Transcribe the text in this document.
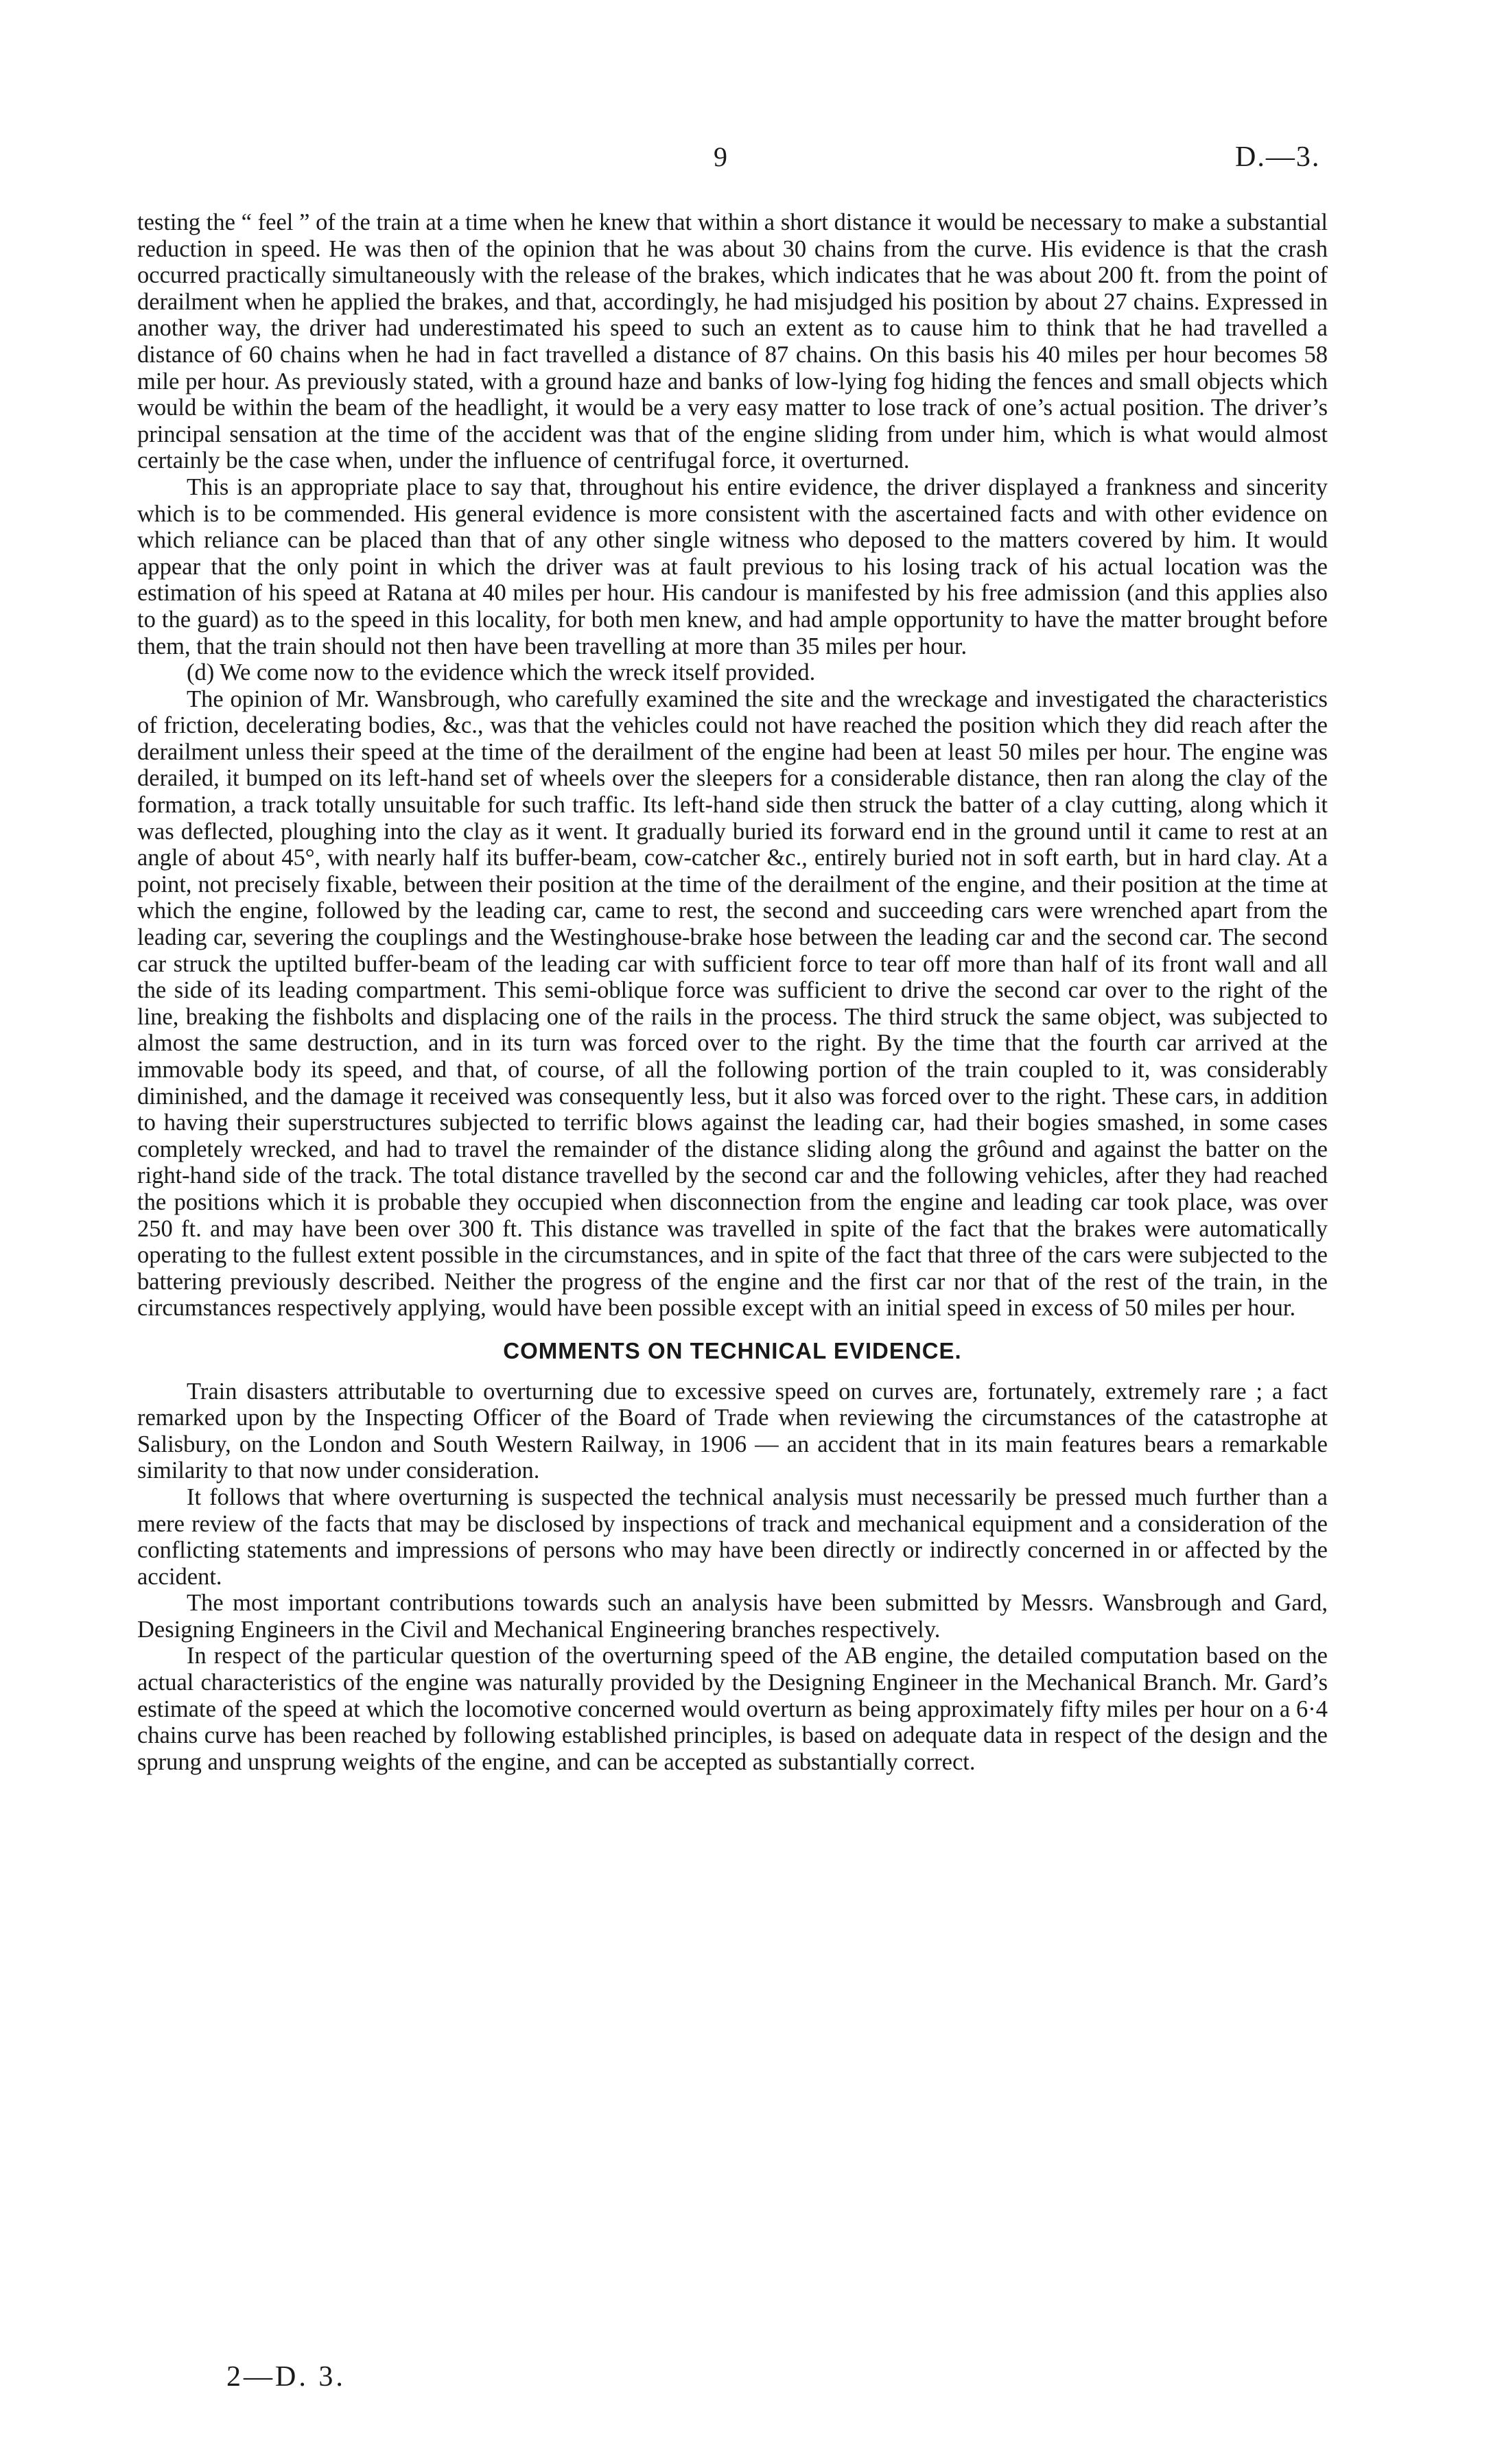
9	D.—3.

testing the “ feel ” of the train at a time when he knew that within a short distance it would be necessary to make a substantial reduction in speed. He was then of the opinion that he was about 30 chains from the curve. His evidence is that the crash occurred practically simultaneously with the release of the brakes, which indicates that he was about 200 ft. from the point of derailment when he applied the brakes, and that, accordingly, he had misjudged his position by about 27 chains. Expressed in another way, the driver had underestimated his speed to such an extent as to cause him to think that he had travelled a distance of 60 chains when he had in fact travelled a distance of 87 chains. On this basis his 40 miles per hour becomes 58 mile per hour. As previously stated, with a ground haze and banks of low-lying fog hiding the fences and small objects which would be within the beam of the headlight, it would be a very easy matter to lose track of one’s actual position. The driver’s principal sensation at the time of the accident was that of the engine sliding from under him, which is what would almost certainly be the case when, under the influence of centrifugal force, it overturned.

This is an appropriate place to say that, throughout his entire evidence, the driver displayed a frankness and sincerity which is to be commended. His general evidence is more consistent with the ascertained facts and with other evidence on which reliance can be placed than that of any other single witness who deposed to the matters covered by him. It would appear that the only point in which the driver was at fault previous to his losing track of his actual location was the estimation of his speed at Ratana at 40 miles per hour. His candour is manifested by his free admission (and this applies also to the guard) as to the speed in this locality, for both men knew, and had ample opportunity to have the matter brought before them, that the train should not then have been travelling at more than 35 miles per hour.

(d) We come now to the evidence which the wreck itself provided.

The opinion of Mr. Wansbrough, who carefully examined the site and the wreckage and investigated the characteristics of friction, decelerating bodies, &c., was that the vehicles could not have reached the position which they did reach after the derailment unless their speed at the time of the derailment of the engine had been at least 50 miles per hour. The engine was derailed, it bumped on its left-hand set of wheels over the sleepers for a considerable distance, then ran along the clay of the formation, a track totally unsuitable for such traffic. Its left-hand side then struck the batter of a clay cutting, along which it was deflected, ploughing into the clay as it went. It gradually buried its forward end in the ground until it came to rest at an angle of about 45°, with nearly half its buffer-beam, cow-catcher &c., entirely buried not in soft earth, but in hard clay. At a point, not precisely fixable, between their position at the time of the derailment of the engine, and their position at the time at which the engine, followed by the leading car, came to rest, the second and succeeding cars were wrenched apart from the leading car, severing the couplings and the Westinghouse-brake hose between the leading car and the second car. The second car struck the uptilted buffer-beam of the leading car with sufficient force to tear off more than half of its front wall and all the side of its leading compartment. This semi-oblique force was sufficient to drive the second car over to the right of the line, breaking the fishbolts and displacing one of the rails in the process. The third struck the same object, was subjected to almost the same destruction, and in its turn was forced over to the right. By the time that the fourth car arrived at the immovable body its speed, and that, of course, of all the following portion of the train coupled to it, was considerably diminished, and the damage it received was consequently less, but it also was forced over to the right. These cars, in addition to having their superstructures subjected to terrific blows against the leading car, had their bogies smashed, in some cases completely wrecked, and had to travel the remainder of the distance sliding along the grôund and against the batter on the right-hand side of the track. The total distance travelled by the second car and the following vehicles, after they had reached the positions which it is probable they occupied when disconnection from the engine and leading car took place, was over 250 ft. and may have been over 300 ft. This distance was travelled in spite of the fact that the brakes were automatically operating to the fullest extent possible in the circumstances, and in spite of the fact that three of the cars were subjected to the battering previously described. Neither the progress of the engine and the first car nor that of the rest of the train, in the circumstances respectively applying, would have been possible except with an initial speed in excess of 50 miles per hour.

COMMENTS ON TECHNICAL EVIDENCE.

Train disasters attributable to overturning due to excessive speed on curves are, fortunately, extremely rare ; a fact remarked upon by the Inspecting Officer of the Board of Trade when reviewing the circumstances of the catastrophe at Salisbury, on the London and South Western Railway, in 1906 — an accident that in its main features bears a remarkable similarity to that now under consideration.

It follows that where overturning is suspected the technical analysis must necessarily be pressed much further than a mere review of the facts that may be disclosed by inspections of track and mechanical equipment and a consideration of the conflicting statements and impressions of persons who may have been directly or indirectly concerned in or affected by the accident.

The most important contributions towards such an analysis have been submitted by Messrs. Wansbrough and Gard, Designing Engineers in the Civil and Mechanical Engineering branches respectively.

In respect of the particular question of the overturning speed of the AB engine, the detailed computation based on the actual characteristics of the engine was naturally provided by the Designing Engineer in the Mechanical Branch. Mr. Gard’s estimate of the speed at which the locomotive concerned would overturn as being approximately fifty miles per hour on a 6·4 chains curve has been reached by following established principles, is based on adequate data in respect of the design and the sprung and unsprung weights of the engine, and can be accepted as substantially correct.

2—D. 3.
